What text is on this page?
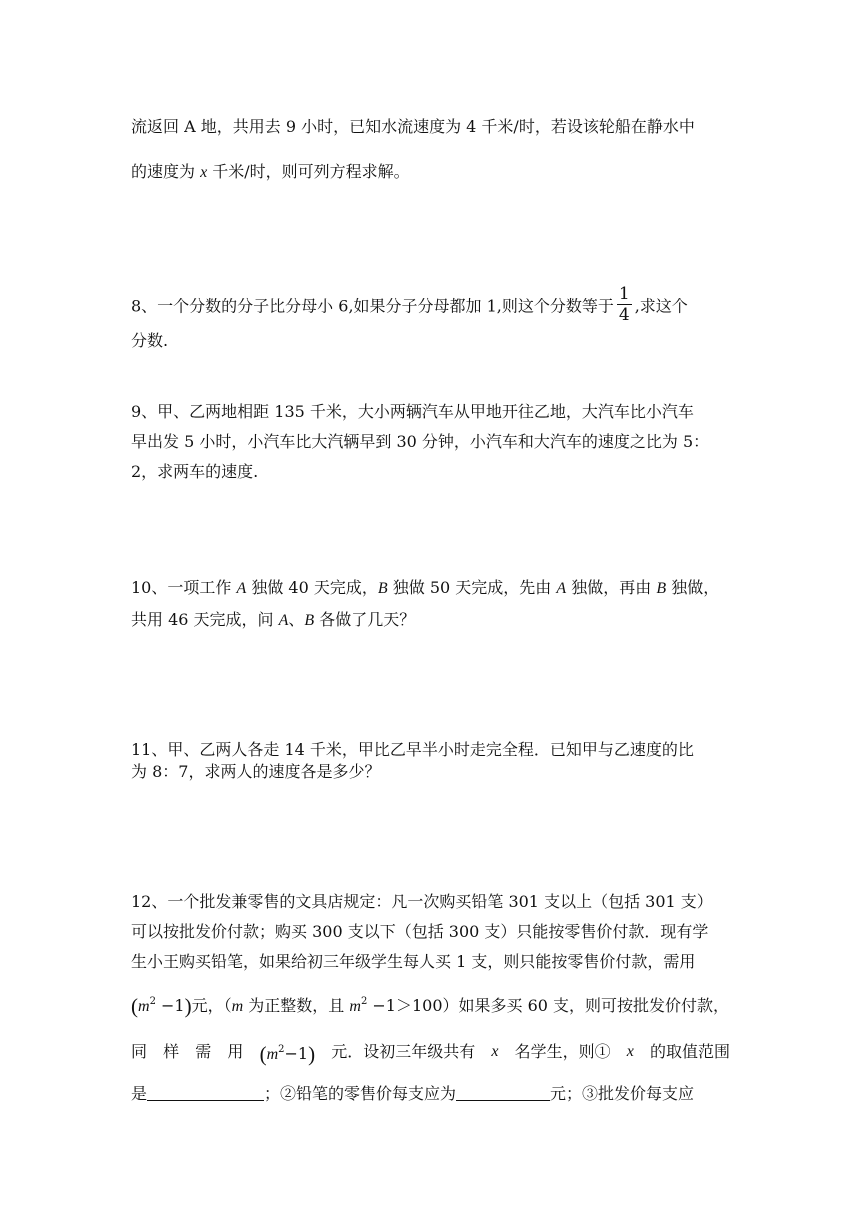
流返回 A 地，共用去 9 小时，已知水流速度为 4 千米/时，若设该轮船在静水中
的速度为 x 千米/时，则可列方程求解。
8、一个分数的分子比分母小 6,如果分子分母都加 1,则这个分数等于 $\frac{1}{4}$ ,求这个
分数.
9、甲、乙两地相距 135 千米，大小两辆汽车从甲地开往乙地，大汽车比小汽车
早出发 5 小时，小汽车比大汽辆早到 30 分钟，小汽车和大汽车的速度之比为 5：
2，求两车的速度.
10、一项工作 A 独做 40 天完成，B 独做 50 天完成，先由 A 独做，再由 B 独做，
共用 46 天完成，问 A、B 各做了几天？
11、甲、乙两人各走 14 千米，甲比乙早半小时走完全程．已知甲与乙速度的比
为 8：7，求两人的速度各是多少？
12、一个批发兼零售的文具店规定：凡一次购买铅笔 301 支以上（包括 301 支）
可以按批发价付款；购买 300 支以下（包括 300 支）只能按零售价付款．现有学
生小王购买铅笔，如果给初三年级学生每人买 1 支，则只能按零售价付款，需用
$(m^2 -1)$元，（m 为正整数，且 $m^2 -1>100$）如果多买 60 支，则可按批发价付款，
同 样 需 用 $(m^2-1)$ 元．设初三年级共有 x 名学生，则① x 的取值范围
是	；②铅笔的零售价每支应为	元；③批发价每支应
